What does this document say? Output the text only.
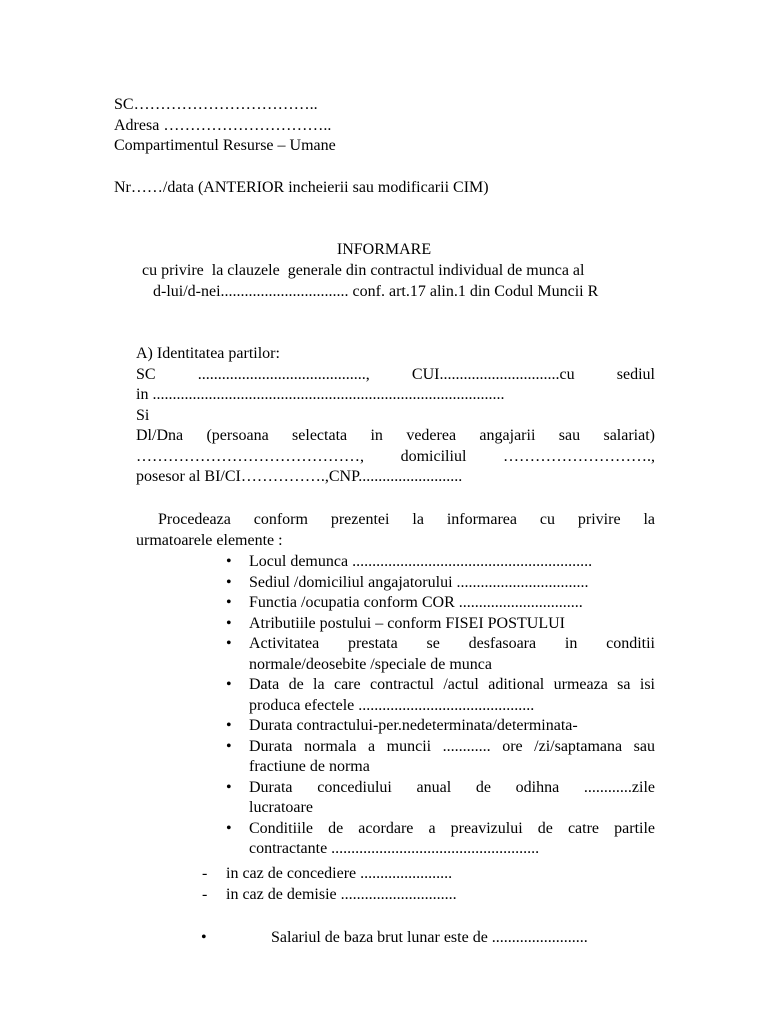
SC……………………………..
Adresa …………………………..
Compartimentul Resurse – Umane
Nr……/data (ANTERIOR incheierii sau modificarii CIM)
INFORMARE
cu privire  la clauzele  generale din contractul individual de munca al
d-lui/d-nei................................ conf. art.17 alin.1 din Codul Muncii R
A) Identitatea partilor:
SC .........................................., CUI..............................cu sediul
in ........................................................................................
Si
Dl/Dna (persoana selectata in vederea angajarii sau salariat)
……………………………………, domiciliul ……………………….,
posesor al BI/CI…………….,CNP..........................
Procedeaza conform prezentei la informarea cu privire la
urmatoarele elemente :
• Locul demunca ............................................................
• Sediul /domiciliul angajatorului .................................
• Functia /ocupatia conform COR ...............................
• Atributiile postului – conform FISEI POSTULUI
• Activitatea prestata se desfasoara in conditii
normale/deosebite /speciale de munca
• Data de la care contractul /actul aditional urmeaza sa isi
produca efectele ............................................
• Durata contractului-per.nedeterminata/determinata-
• Durata normala a muncii ............ ore /zi/saptamana sau
fractiune de norma
• Durata concediului anual de odihna ............zile
lucratoare
• Conditiile de acordare a preavizului de catre partile
contractante ....................................................
- in caz de concediere .......................
- in caz de demisie .............................
•	Salariul de baza brut lunar este de ........................
